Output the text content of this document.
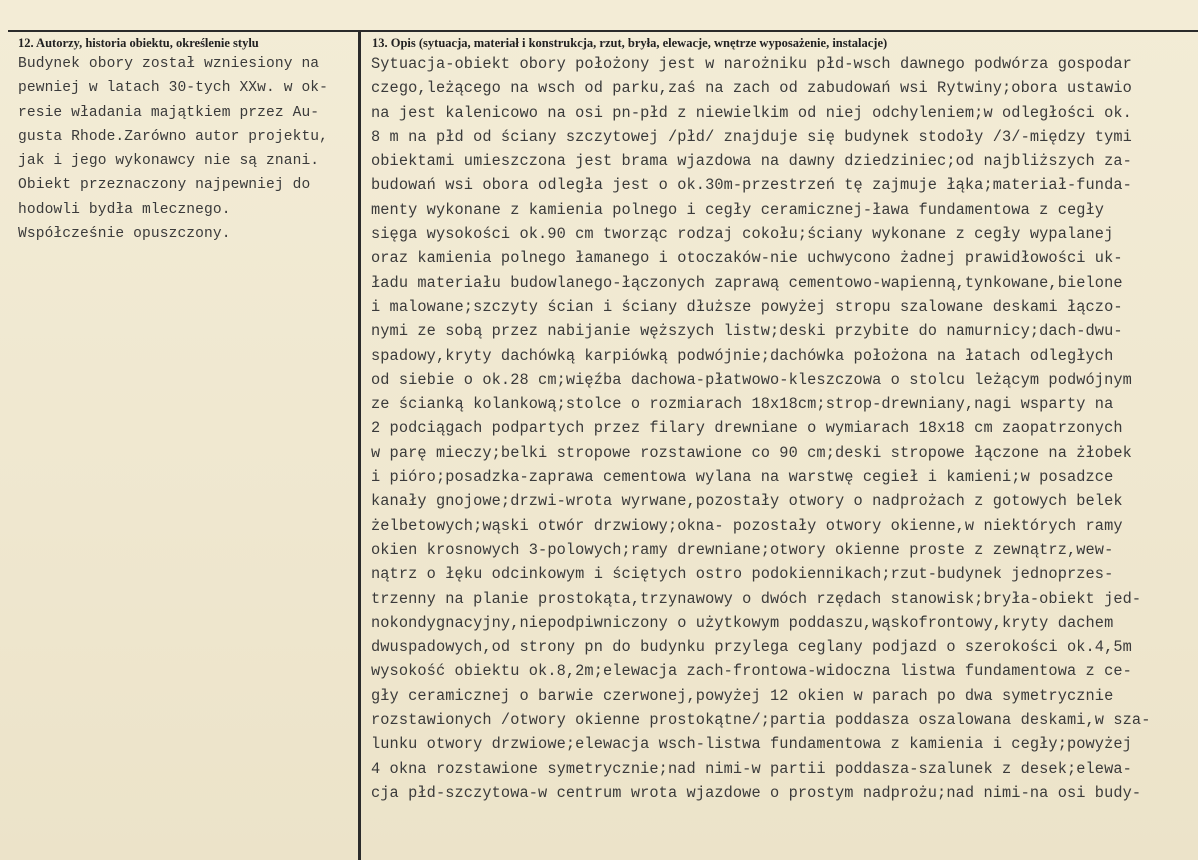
12. Autorzy, historia obiektu, określenie stylu	13. Opis (sytuacja, materiał i konstrukcja, rzut, bryła, elewacje, wnętrze wyposażenie, instalacje)
Budynek obory został wzniesiony na
pewniej w latach 30-tych XXw. w ok-
resie władania majątkiem przez Au-
gusta Rhode.Zarówno autor projektu,
jak i jego wykonawcy nie są znani.
Obiekt przeznaczony najpewniej do
hodowli bydła mlecznego.
Współcześnie opuszczony.
Sytuacja-obiekt obory położony jest w narożniku płd-wsch dawnego podwórza gospodar
czego,leżącego na wsch od parku,zaś na zach od zabudowań wsi Rytwiny;obora ustawio
na jest kalenicowo na osi pn-płd z niewielkim od niej odchyleniem;w odległości ok.
8 m na płd od ściany szczytowej /płd/ znajduje się budynek stodoły /3/-między tymi
obiektami umieszczona jest brama wjazdowa na dawny dziedziniec;od najbliższych za-
budowań wsi obora odległa jest o ok.30m-przestrzeń tę zajmuje łąka;materiał-funda-
menty wykonane z kamienia polnego i cegły ceramicznej-ława fundamentowa z cegły
sięga wysokości ok.90 cm tworząc rodzaj cokołu;ściany wykonane z cegły wypalanej
oraz kamienia polnego łamanego i otoczaków-nie uchwycono żadnej prawidłowości uk-
ładu materiału budowlanego-łączonych zaprawą cementowo-wapienną,tynkowane,bielone
i malowane;szczyty ścian i ściany dłuższe powyżej stropu szalowane deskami łączo-
nymi ze sobą przez nabijanie węższych listw;deski przybite do namurnicy;dach-dwu-
spadowy,kryty dachówką karpiówką podwójnie;dachówka położona na łatach odległych
od siebie o ok.28 cm;więźba dachowa-płatwowo-kleszczowa o stolcu leżącym podwójnym
ze ścianką kolankową;stolce o rozmiarach 18x18cm;strop-drewniany,nagi wsparty na
2 podciągach podpartych przez filary drewniane o wymiarach 18x18 cm zaopatrzonych
w parę mieczy;belki stropowe rozstawione co 90 cm;deski stropowe łączone na żłobek
i pióro;posadzka-zaprawa cementowa wylana na warstwę cegieł i kamieni;w posadzce
kanały gnojowe;drzwi-wrota wyrwane,pozostały otwory o nadprożach z gotowych belek
żelbetowych;wąski otwór drzwiowy;okna- pozostały otwory okienne,w niektórych ramy
okien krosnowych 3-polowych;ramy drewniane;otwory okienne proste z zewnątrz,wew-
nątrz o łęku odcinkowym i ściętych ostro podokiennikach;rzut-budynek jednoprzes-
trzenny na planie prostokąta,trzynawowy o dwóch rzędach stanowisk;bryła-obiekt jed-
nokondygnacyjny,niepodpiwniczony o użytkowym poddaszu,wąskofrontowy,kryty dachem
dwuspadowych,od strony pn do budynku przylega ceglany podjazd o szerokości ok.4,5m
wysokość obiektu ok.8,2m;elewacja zach-frontowa-widoczna listwa fundamentowa z ce-
gły ceramicznej o barwie czerwonej,powyżej 12 okien w parach po dwa symetrycznie
rozstawionych /otwory okienne prostokątne/;partia poddasza oszalowana deskami,w sza-
lunku otwory drzwiowe;elewacja wsch-listwa fundamentowa z kamienia i cegły;powyżej
4 okna rozstawione symetrycznie;nad nimi-w partii poddasza-szalunek z desek;elewa-
cja płd-szczytowa-w centrum wrota wjazdowe o prostym nadprożu;nad nimi-na osi budy-
